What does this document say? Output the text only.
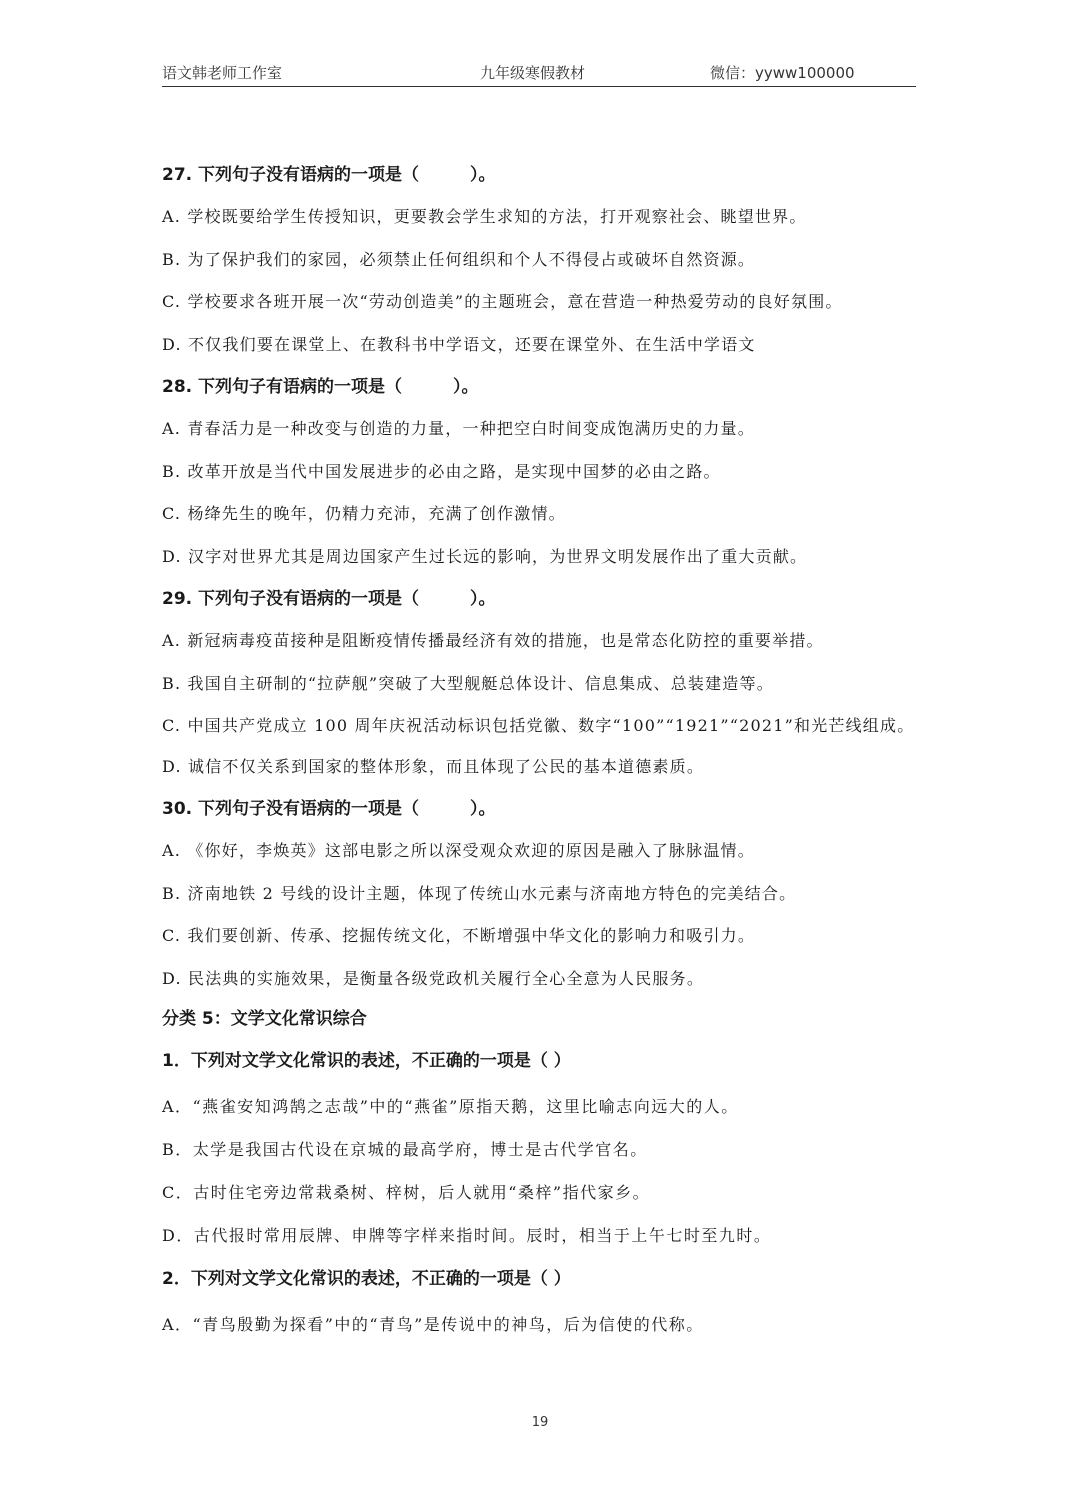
语文韩老师工作室	九年级寒假教材	微信：yyww100000
27. 下列句子没有语病的一项是（　　　）。
A. 学校既要给学生传授知识，更要教会学生求知的方法，打开观察社会、眺望世界。
B. 为了保护我们的家园，必须禁止任何组织和个人不得侵占或破坏自然资源。
C. 学校要求各班开展一次“劳动创造美”的主题班会，意在营造一种热爱劳动的良好氛围。
D. 不仅我们要在课堂上、在教科书中学语文，还要在课堂外、在生活中学语文
28. 下列句子有语病的一项是（　　　）。
A. 青春活力是一种改变与创造的力量，一种把空白时间变成饱满历史的力量。
B. 改革开放是当代中国发展进步的必由之路，是实现中国梦的必由之路。
C. 杨绛先生的晚年，仍精力充沛，充满了创作激情。
D. 汉字对世界尤其是周边国家产生过长远的影响，为世界文明发展作出了重大贡献。
29. 下列句子没有语病的一项是（　　　）。
A. 新冠病毒疫苗接种是阻断疫情传播最经济有效的措施，也是常态化防控的重要举措。
B. 我国自主研制的“拉萨舰”突破了大型舰艇总体设计、信息集成、总装建造等。
C. 中国共产党成立 100 周年庆祝活动标识包括党徽、数字“100”“1921”“2021”和光芒线组成。
D. 诚信不仅关系到国家的整体形象，而且体现了公民的基本道德素质。
30. 下列句子没有语病的一项是（　　　）。
A. 《你好，李焕英》这部电影之所以深受观众欢迎的原因是融入了脉脉温情。
B. 济南地铁 2 号线的设计主题，体现了传统山水元素与济南地方特色的完美结合。
C. 我们要创新、传承、挖掘传统文化，不断增强中华文化的影响力和吸引力。
D. 民法典的实施效果，是衡量各级党政机关履行全心全意为人民服务。
分类 5：文学文化常识综合
1．下列对文学文化常识的表述，不正确的一项是（ ）
A．“燕雀安知鸿鹄之志哉”中的“燕雀”原指天鹅，这里比喻志向远大的人。
B．太学是我国古代设在京城的最高学府，博士是古代学官名。
C．古时住宅旁边常栽桑树、梓树，后人就用“桑梓”指代家乡。
D．古代报时常用辰牌、申牌等字样来指时间。辰时，相当于上午七时至九时。
2．下列对文学文化常识的表述，不正确的一项是（ ）
A．“青鸟殷勤为探看”中的“青鸟”是传说中的神鸟，后为信使的代称。
19
